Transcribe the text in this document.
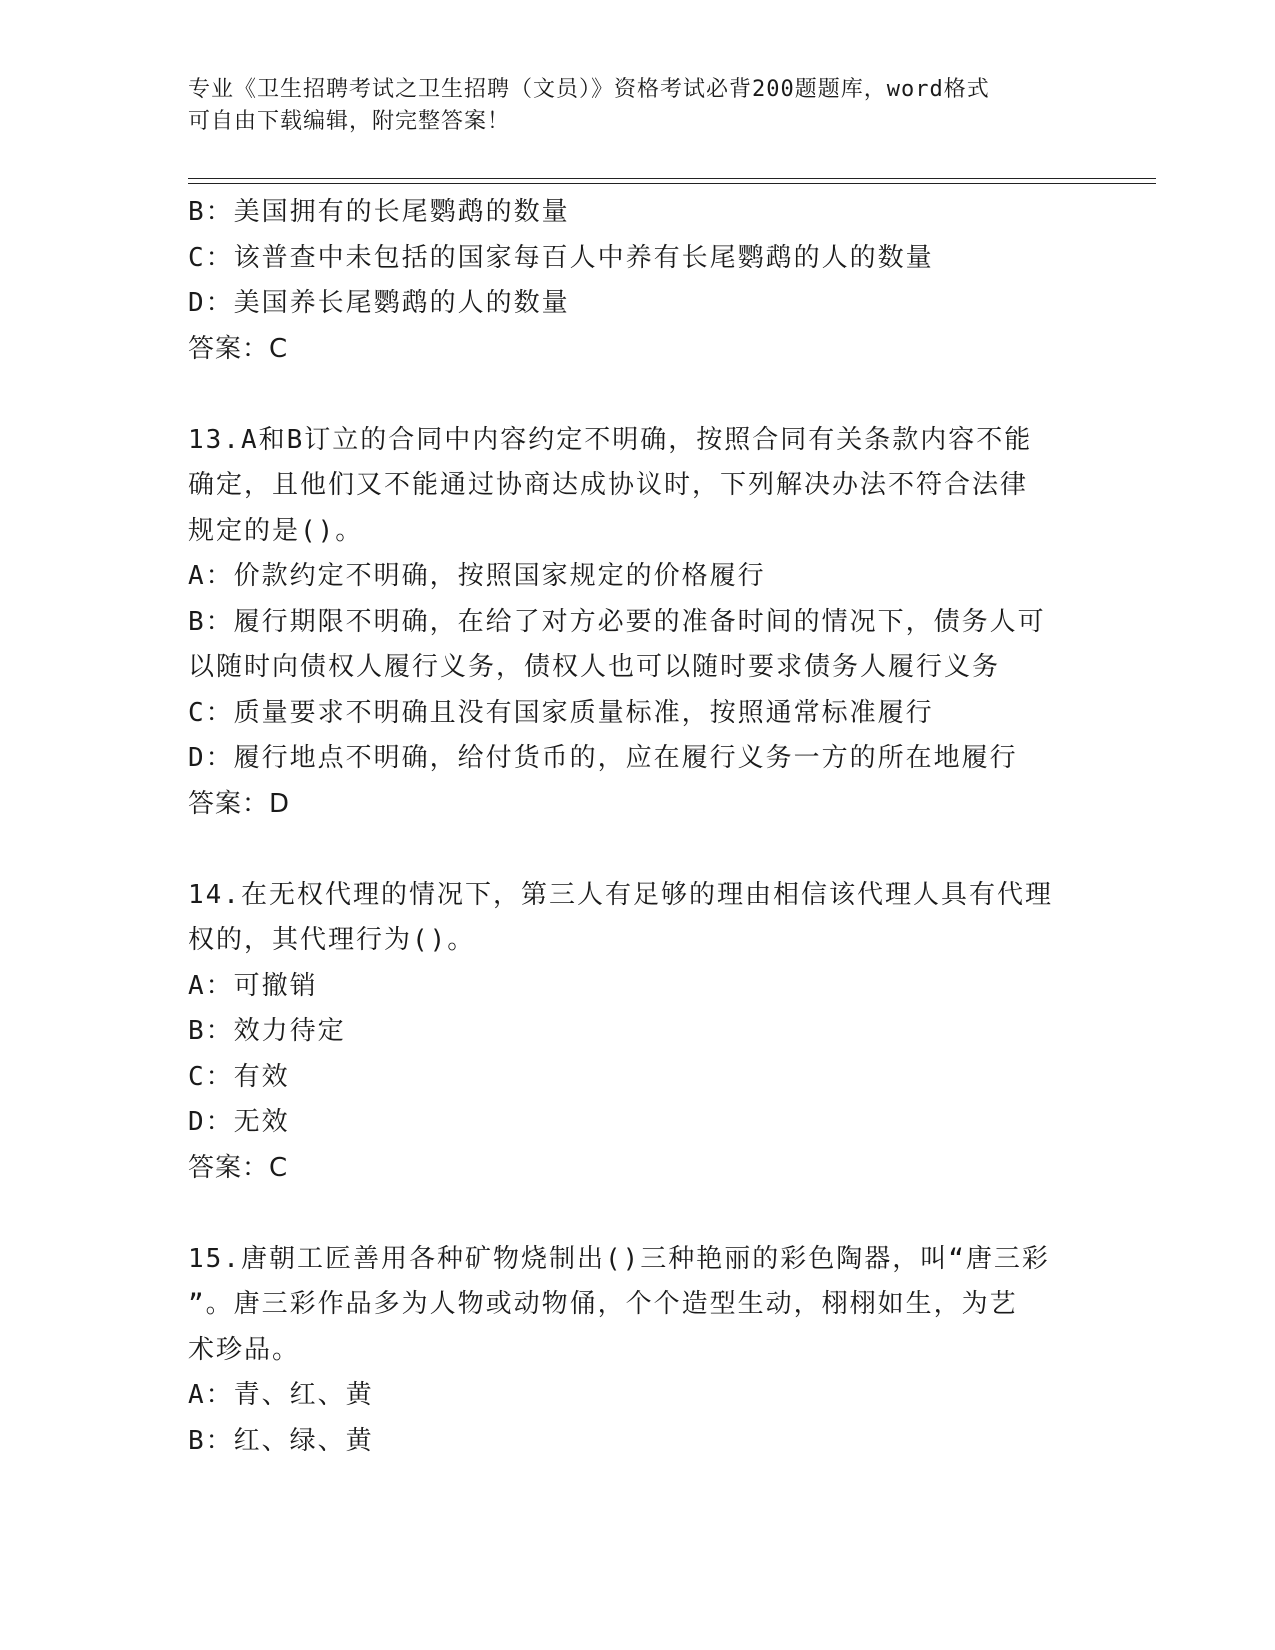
专业《卫生招聘考试之卫生招聘（文员）》资格考试必背200题题库，word格式
可自由下载编辑，附完整答案！
B：美国拥有的长尾鹦鹉的数量
C：该普查中未包括的国家每百人中养有长尾鹦鹉的人的数量
D：美国养长尾鹦鹉的人的数量
答案：C
13.A和B订立的合同中内容约定不明确，按照合同有关条款内容不能
确定，且他们又不能通过协商达成协议时，下列解决办法不符合法律
规定的是()。
A：价款约定不明确，按照国家规定的价格履行
B：履行期限不明确，在给了对方必要的准备时间的情况下，债务人可
以随时向债权人履行义务，债权人也可以随时要求债务人履行义务
C：质量要求不明确且没有国家质量标准，按照通常标准履行
D：履行地点不明确，给付货币的，应在履行义务一方的所在地履行
答案：D
14.在无权代理的情况下，第三人有足够的理由相信该代理人具有代理
权的，其代理行为()。
A：可撤销
B：效力待定
C：有效
D：无效
答案：C
15.唐朝工匠善用各种矿物烧制出()三种艳丽的彩色陶器，叫“唐三彩
”。唐三彩作品多为人物或动物俑，个个造型生动，栩栩如生，为艺
术珍品。
A：青、红、黄
B：红、绿、黄
